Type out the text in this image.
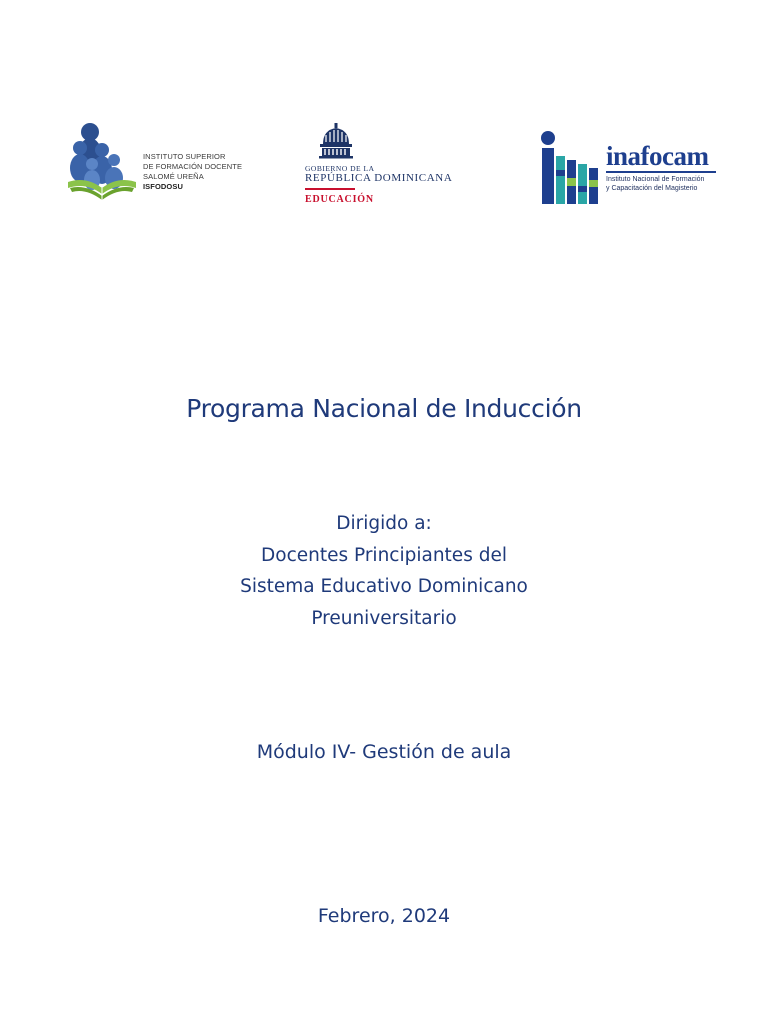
INSTITUTO SUPERIOR
DE FORMACIÓN DOCENTE
SALOMÉ UREÑA
ISFODOSU
GOBIERNO DE LA
REPÚBLICA DOMINICANA
EDUCACIÓN
inafocam
Instituto Nacional de Formación
y Capacitación del Magisterio
Programa Nacional de Inducción
Dirigido a:
Docentes Principiantes del
Sistema Educativo Dominicano
Preuniversitario
Módulo IV- Gestión de aula
Febrero, 2024
